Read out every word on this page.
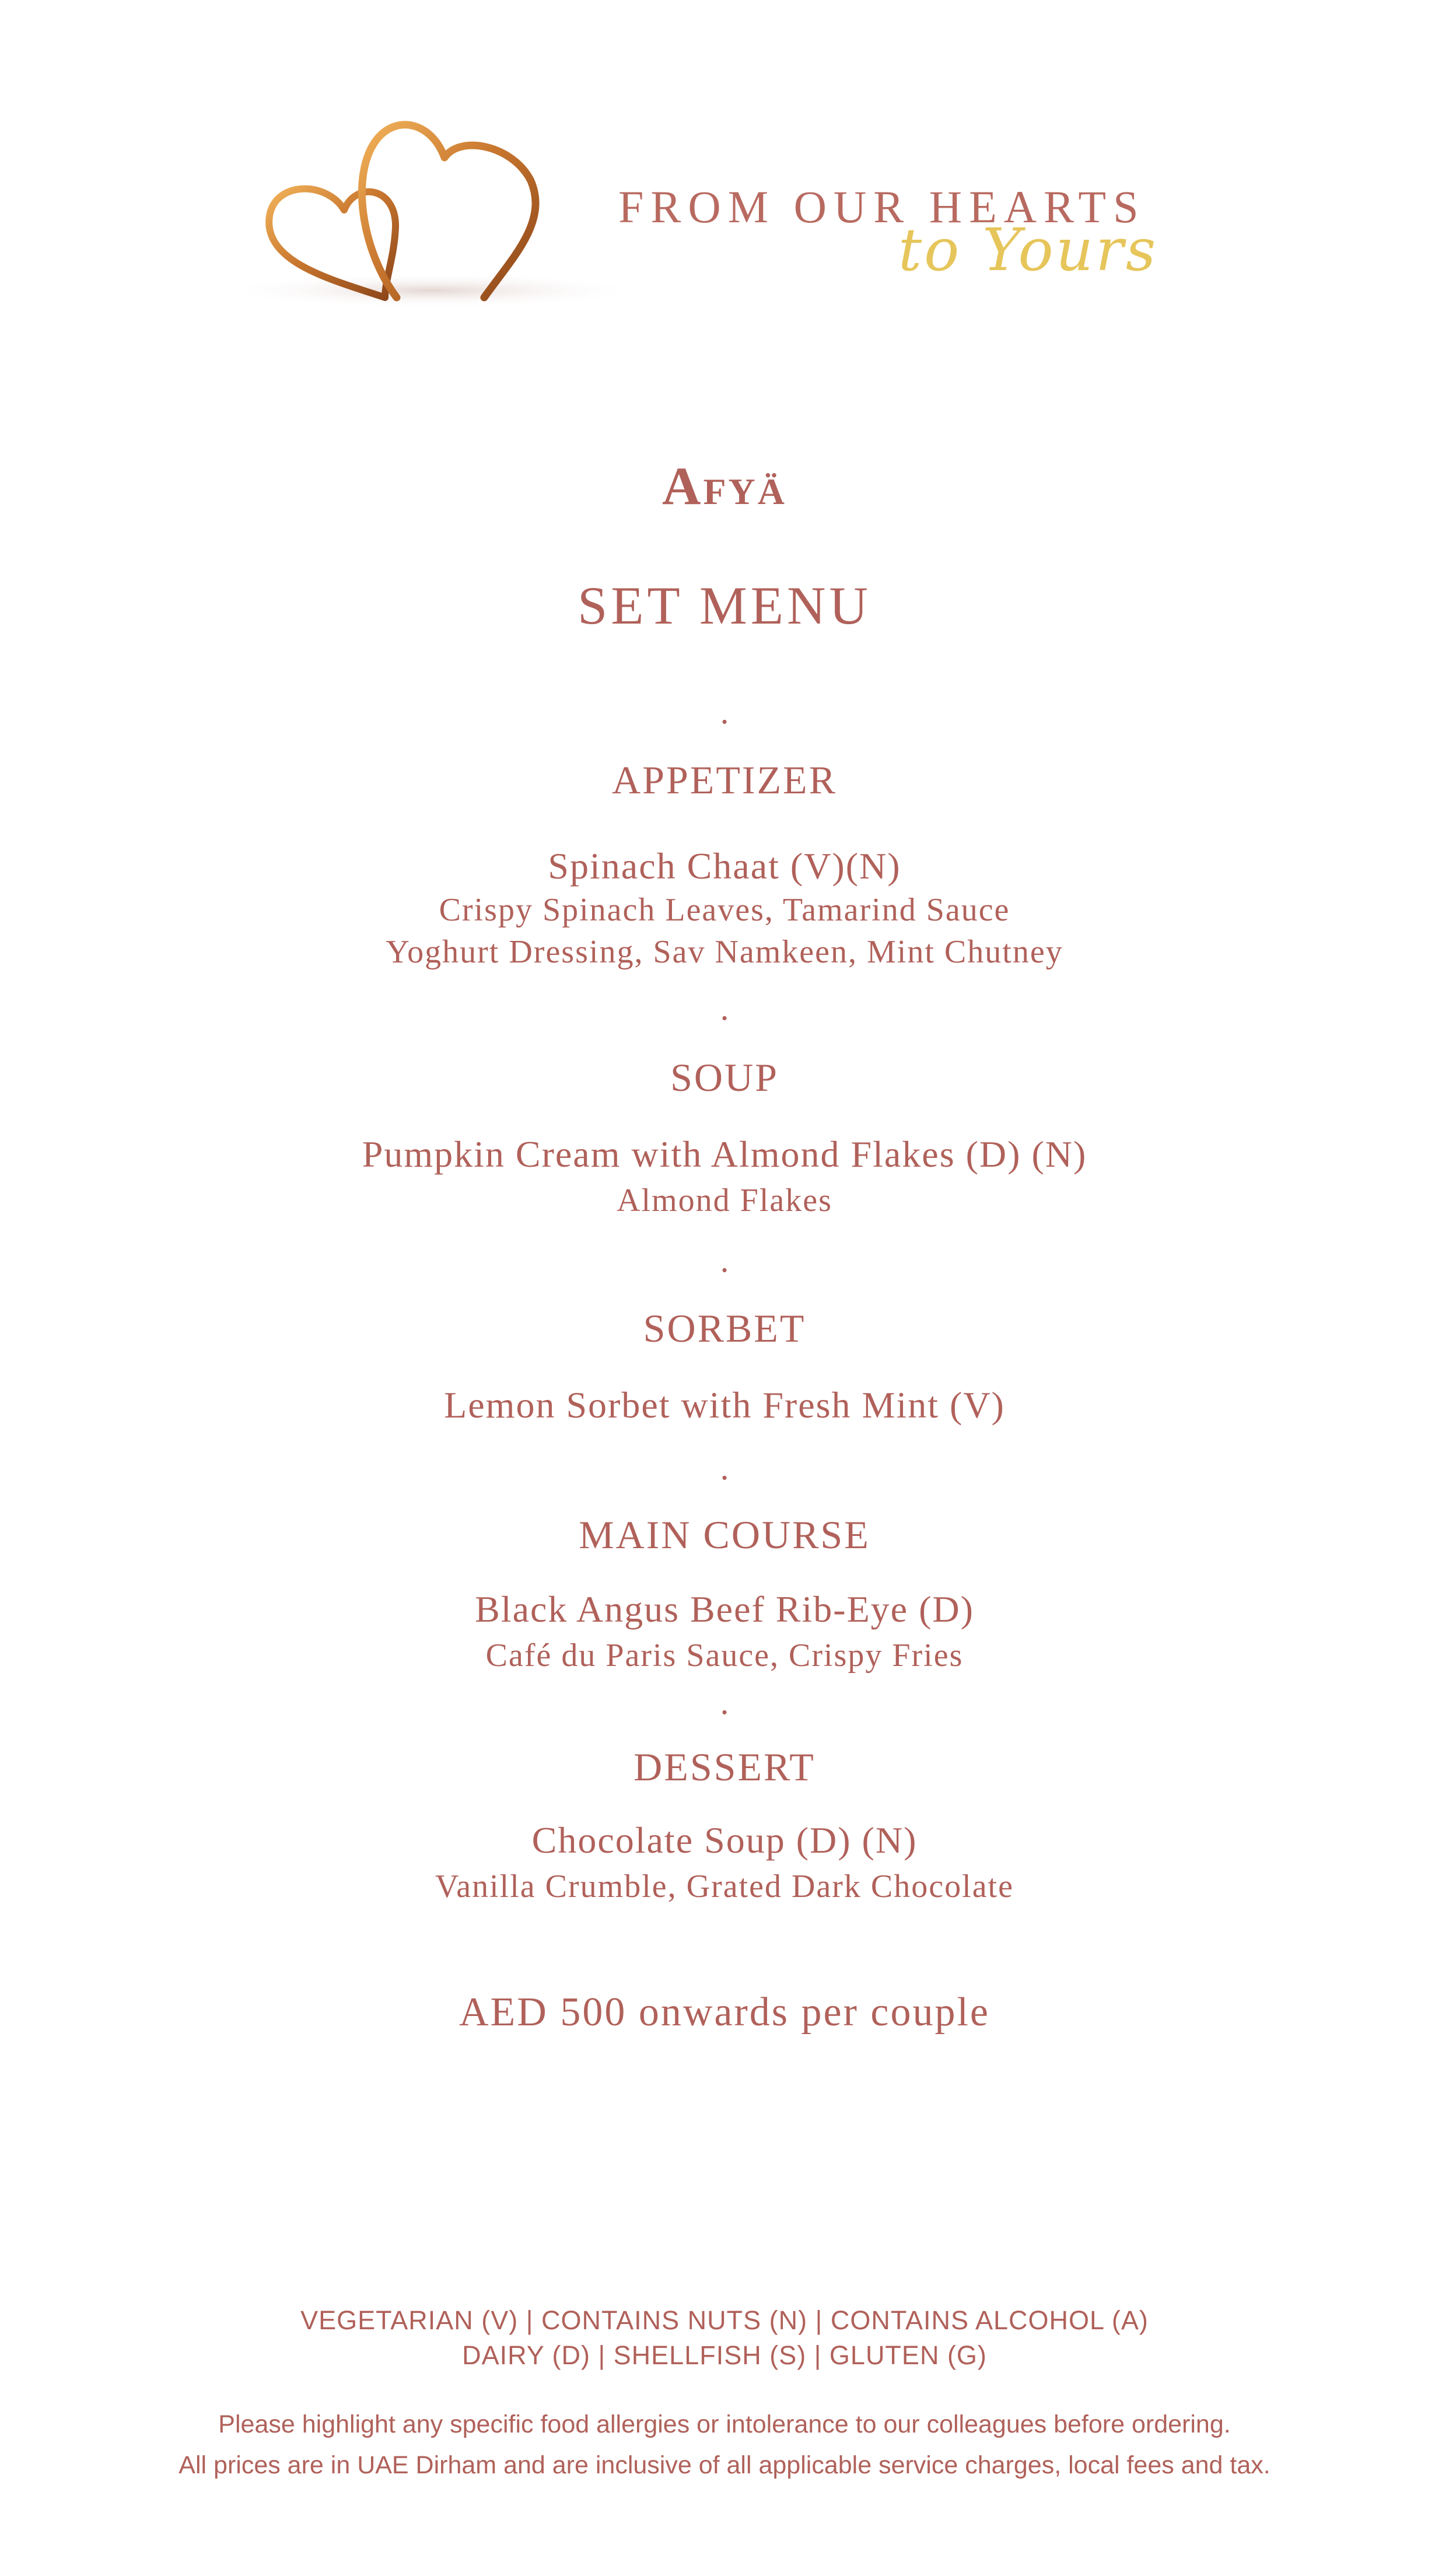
FROM OUR HEARTS
to Yours
Afyä
SET MENU
.
APPETIZER
Spinach Chaat (V)(N)
Crispy Spinach Leaves, Tamarind Sauce
Yoghurt Dressing, Sav Namkeen, Mint Chutney
.
SOUP
Pumpkin Cream with Almond Flakes (D) (N)
Almond Flakes
.
SORBET
Lemon Sorbet with Fresh Mint (V)
.
MAIN COURSE
Black Angus Beef Rib-Eye (D)
Café du Paris Sauce, Crispy Fries
.
DESSERT
Chocolate Soup (D) (N)
Vanilla Crumble, Grated Dark Chocolate
AED 500 onwards per couple
VEGETARIAN (V) | CONTAINS NUTS (N) | CONTAINS ALCOHOL (A)
DAIRY (D) | SHELLFISH (S) | GLUTEN (G)
Please highlight any specific food allergies or intolerance to our colleagues before ordering.
All prices are in UAE Dirham and are inclusive of all applicable service charges, local fees and tax.
